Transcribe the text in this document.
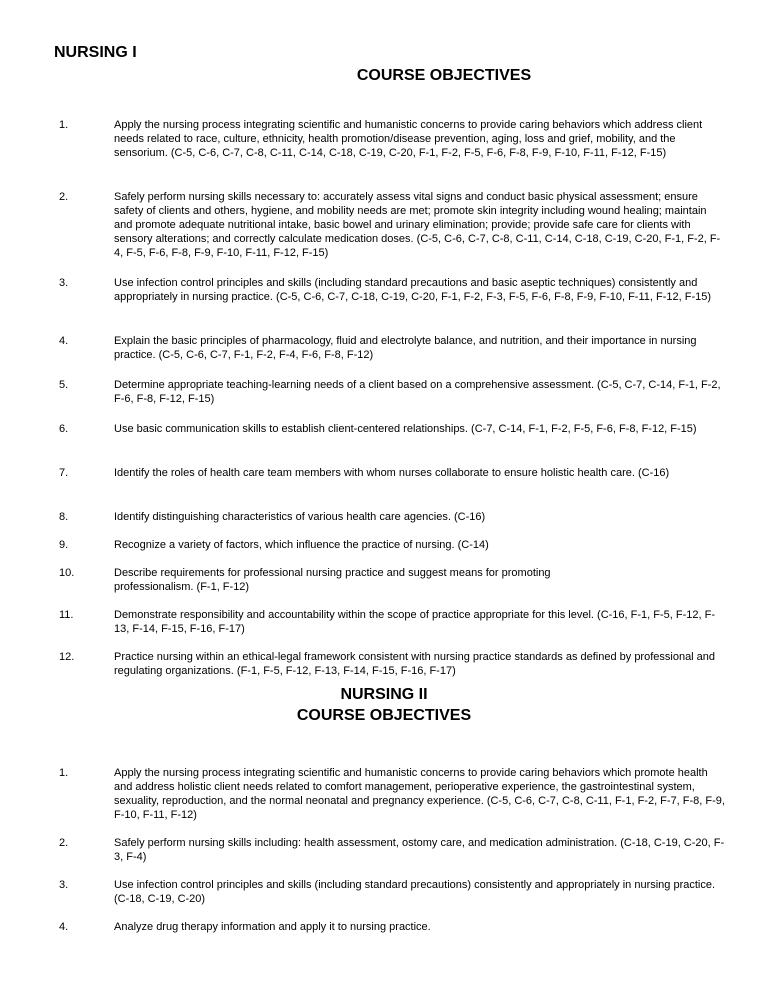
NURSING I
COURSE OBJECTIVES
1.	Apply the nursing process integrating scientific and humanistic concerns to provide caring behaviors which address client needs related to race, culture, ethnicity, health promotion/disease prevention, aging, loss and grief, mobility, and the sensorium. (C-5, C-6, C-7, C-8, C-11, C-14, C-18, C-19, C-20, F-1, F-2, F-5, F-6, F-8, F-9, F-10, F-11, F-12, F-15)
2.	Safely perform nursing skills necessary to: accurately assess vital signs and conduct basic physical assessment; ensure safety of clients and others, hygiene, and mobility needs are met; promote skin integrity including wound healing; maintain and promote adequate nutritional intake, basic bowel and urinary elimination; provide; provide safe care for clients with sensory alterations; and correctly calculate medication doses. (C-5, C-6, C-7, C-8, C-11, C-14, C-18, C-19, C-20, F-1, F-2, F-4, F-5, F-6, F-8, F-9, F-10, F-11, F-12, F-15)
3.	Use infection control principles and skills (including standard precautions and basic aseptic techniques) consistently and appropriately in nursing practice. (C-5, C-6, C-7, C-18, C-19, C-20, F-1, F-2, F-3, F-5, F-6, F-8, F-9, F-10, F-11, F-12, F-15)
4.	Explain the basic principles of pharmacology, fluid and electrolyte balance, and nutrition, and their importance in nursing practice. (C-5, C-6, C-7, F-1, F-2, F-4, F-6, F-8, F-12)
5.	Determine appropriate teaching-learning needs of a client based on a comprehensive assessment. (C-5, C-7, C-14, F-1, F-2, F-6, F-8, F-12, F-15)
6.	Use basic communication skills to establish client-centered relationships. (C-7, C-14, F-1, F-2, F-5, F-6, F-8, F-12, F-15)
7.	Identify the roles of health care team members with whom nurses collaborate to ensure holistic health care. (C-16)
8.	Identify distinguishing characteristics of various health care agencies. (C-16)
9.	Recognize a variety of factors, which influence the practice of nursing. (C-14)
10.	Describe requirements for professional nursing practice and suggest means for promoting professionalism. (F-1, F-12)
11.	Demonstrate responsibility and accountability within the scope of practice appropriate for this level. (C-16, F-1, F-5, F-12, F-13, F-14, F-15, F-16, F-17)
12.	Practice nursing within an ethical-legal framework consistent with nursing practice standards as defined by professional and regulating organizations. (F-1, F-5, F-12, F-13, F-14, F-15, F-16, F-17)
NURSING II
COURSE OBJECTIVES
1.	Apply the nursing process integrating scientific and humanistic concerns to provide caring behaviors which promote health and address holistic client needs related to comfort management, perioperative experience, the gastrointestinal system, sexuality, reproduction, and the normal neonatal and pregnancy experience. (C-5, C-6, C-7, C-8, C-11, F-1, F-2, F-7, F-8, F-9, F-10, F-11, F-12)
2.	Safely perform nursing skills including: health assessment, ostomy care, and medication administration. (C-18, C-19, C-20, F-3, F-4)
3.	Use infection control principles and skills (including standard precautions) consistently and appropriately in nursing practice. (C-18, C-19, C-20)
4.	Analyze drug therapy information and apply it to nursing practice.
